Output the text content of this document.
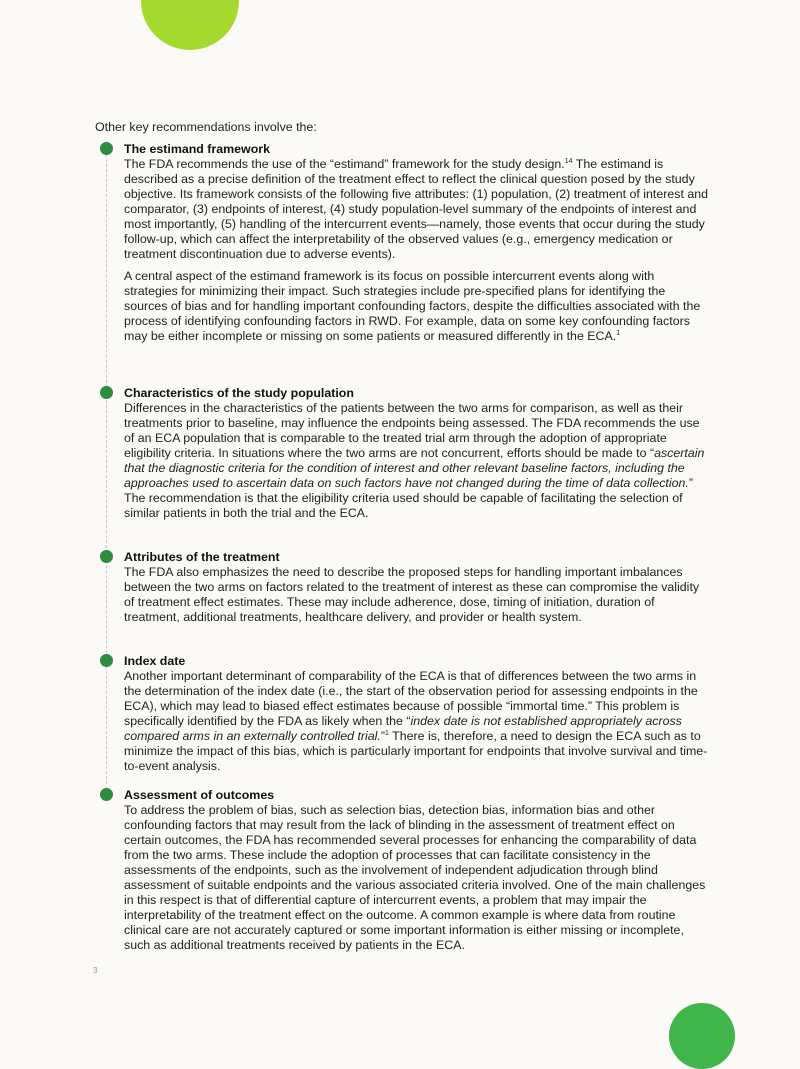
Other key recommendations involve the:

The estimand framework

The FDA recommends the use of the “estimand” framework for the study design.$^{14}$ The estimand is described as a precise definition of the treatment effect to reflect the clinical question posed by the study objective. Its framework consists of the following five attributes: (1) population, (2) treatment of interest and comparator, (3) endpoints of interest, (4) study population-level summary of the endpoints of interest and most importantly, (5) handling of the intercurrent events—namely, those events that occur during the study follow-up, which can affect the interpretability of the observed values (e.g., emergency medication or treatment discontinuation due to adverse events).

A central aspect of the estimand framework is its focus on possible intercurrent events along with strategies for minimizing their impact. Such strategies include pre-specified plans for identifying the sources of bias and for handling important confounding factors, despite the difficulties associated with the process of identifying confounding factors in RWD. For example, data on some key confounding factors may be either incomplete or missing on some patients or measured differently in the ECA.$^1$

Characteristics of the study population

Differences in the characteristics of the patients between the two arms for comparison, as well as their treatments prior to baseline, may influence the endpoints being assessed. The FDA recommends the use of an ECA population that is comparable to the treated trial arm through the adoption of appropriate eligibility criteria. In situations where the two arms are not concurrent, efforts should be made to “ascertain that the diagnostic criteria for the condition of interest and other relevant baseline factors, including the approaches used to ascertain data on such factors have not changed during the time of data collection.” The recommendation is that the eligibility criteria used should be capable of facilitating the selection of similar patients in both the trial and the ECA.

Attributes of the treatment

The FDA also emphasizes the need to describe the proposed steps for handling important imbalances between the two arms on factors related to the treatment of interest as these can compromise the validity of treatment effect estimates. These may include adherence, dose, timing of initiation, duration of treatment, additional treatments, healthcare delivery, and provider or health system.

Index date

Another important determinant of comparability of the ECA is that of differences between the two arms in the determination of the index date (i.e., the start of the observation period for assessing endpoints in the ECA), which may lead to biased effect estimates because of possible “immortal time.” This problem is specifically identified by the FDA as likely when the “index date is not established appropriately across compared arms in an externally controlled trial.”$^1$ There is, therefore, a need to design the ECA such as to minimize the impact of this bias, which is particularly important for endpoints that involve survival and time-to-event analysis.

Assessment of outcomes

To address the problem of bias, such as selection bias, detection bias, information bias and other confounding factors that may result from the lack of blinding in the assessment of treatment effect on certain outcomes, the FDA has recommended several processes for enhancing the comparability of data from the two arms. These include the adoption of processes that can facilitate consistency in the assessments of the endpoints, such as the involvement of independent adjudication through blind assessment of suitable endpoints and the various associated criteria involved. One of the main challenges in this respect is that of differential capture of intercurrent events, a problem that may impair the interpretability of the treatment effect on the outcome. A common example is where data from routine clinical care are not accurately captured or some important information is either missing or incomplete, such as additional treatments received by patients in the ECA.

3
